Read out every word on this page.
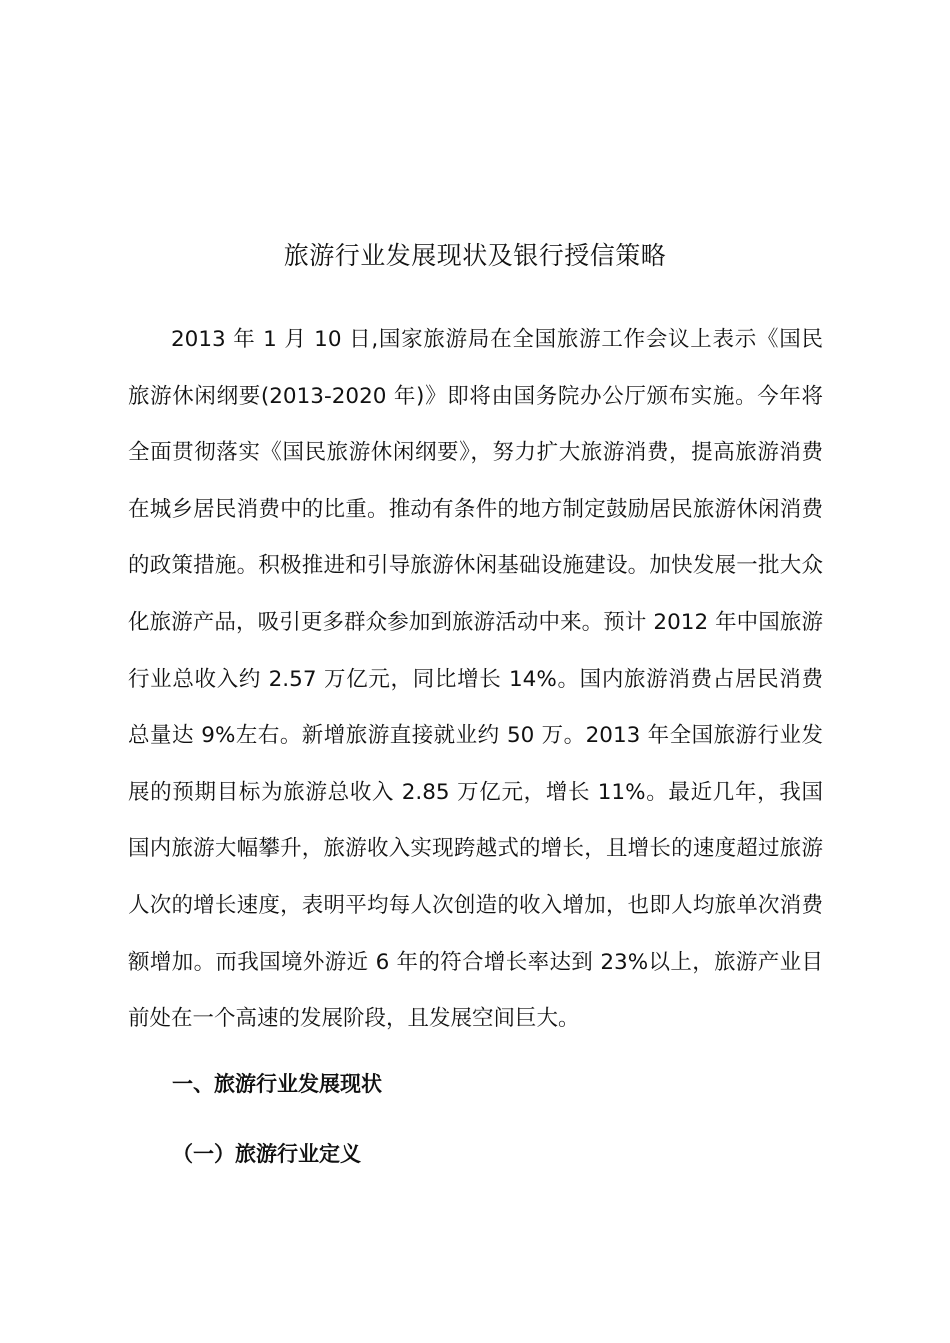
旅游行业发展现状及银行授信策略

2013 年 1 月 10 日,国家旅游局在全国旅游工作会议上表示《国民旅游休闲纲要(2013-2020 年)》即将由国务院办公厅颁布实施。今年将全面贯彻落实《国民旅游休闲纲要》，努力扩大旅游消费，提高旅游消费在城乡居民消费中的比重。推动有条件的地方制定鼓励居民旅游休闲消费的政策措施。积极推进和引导旅游休闲基础设施建设。加快发展一批大众化旅游产品，吸引更多群众参加到旅游活动中来。预计 2012 年中国旅游行业总收入约 2.57 万亿元，同比增长 14%。国内旅游消费占居民消费总量达 9%左右。新增旅游直接就业约 50 万。2013 年全国旅游行业发展的预期目标为旅游总收入 2.85 万亿元，增长 11%。最近几年，我国国内旅游大幅攀升，旅游收入实现跨越式的增长，且增长的速度超过旅游人次的增长速度，表明平均每人次创造的收入增加，也即人均旅单次消费额增加。而我国境外游近 6 年的符合增长率达到 23%以上，旅游产业目前处在一个高速的发展阶段，且发展空间巨大。

一、旅游行业发展现状
（一）旅游行业定义
